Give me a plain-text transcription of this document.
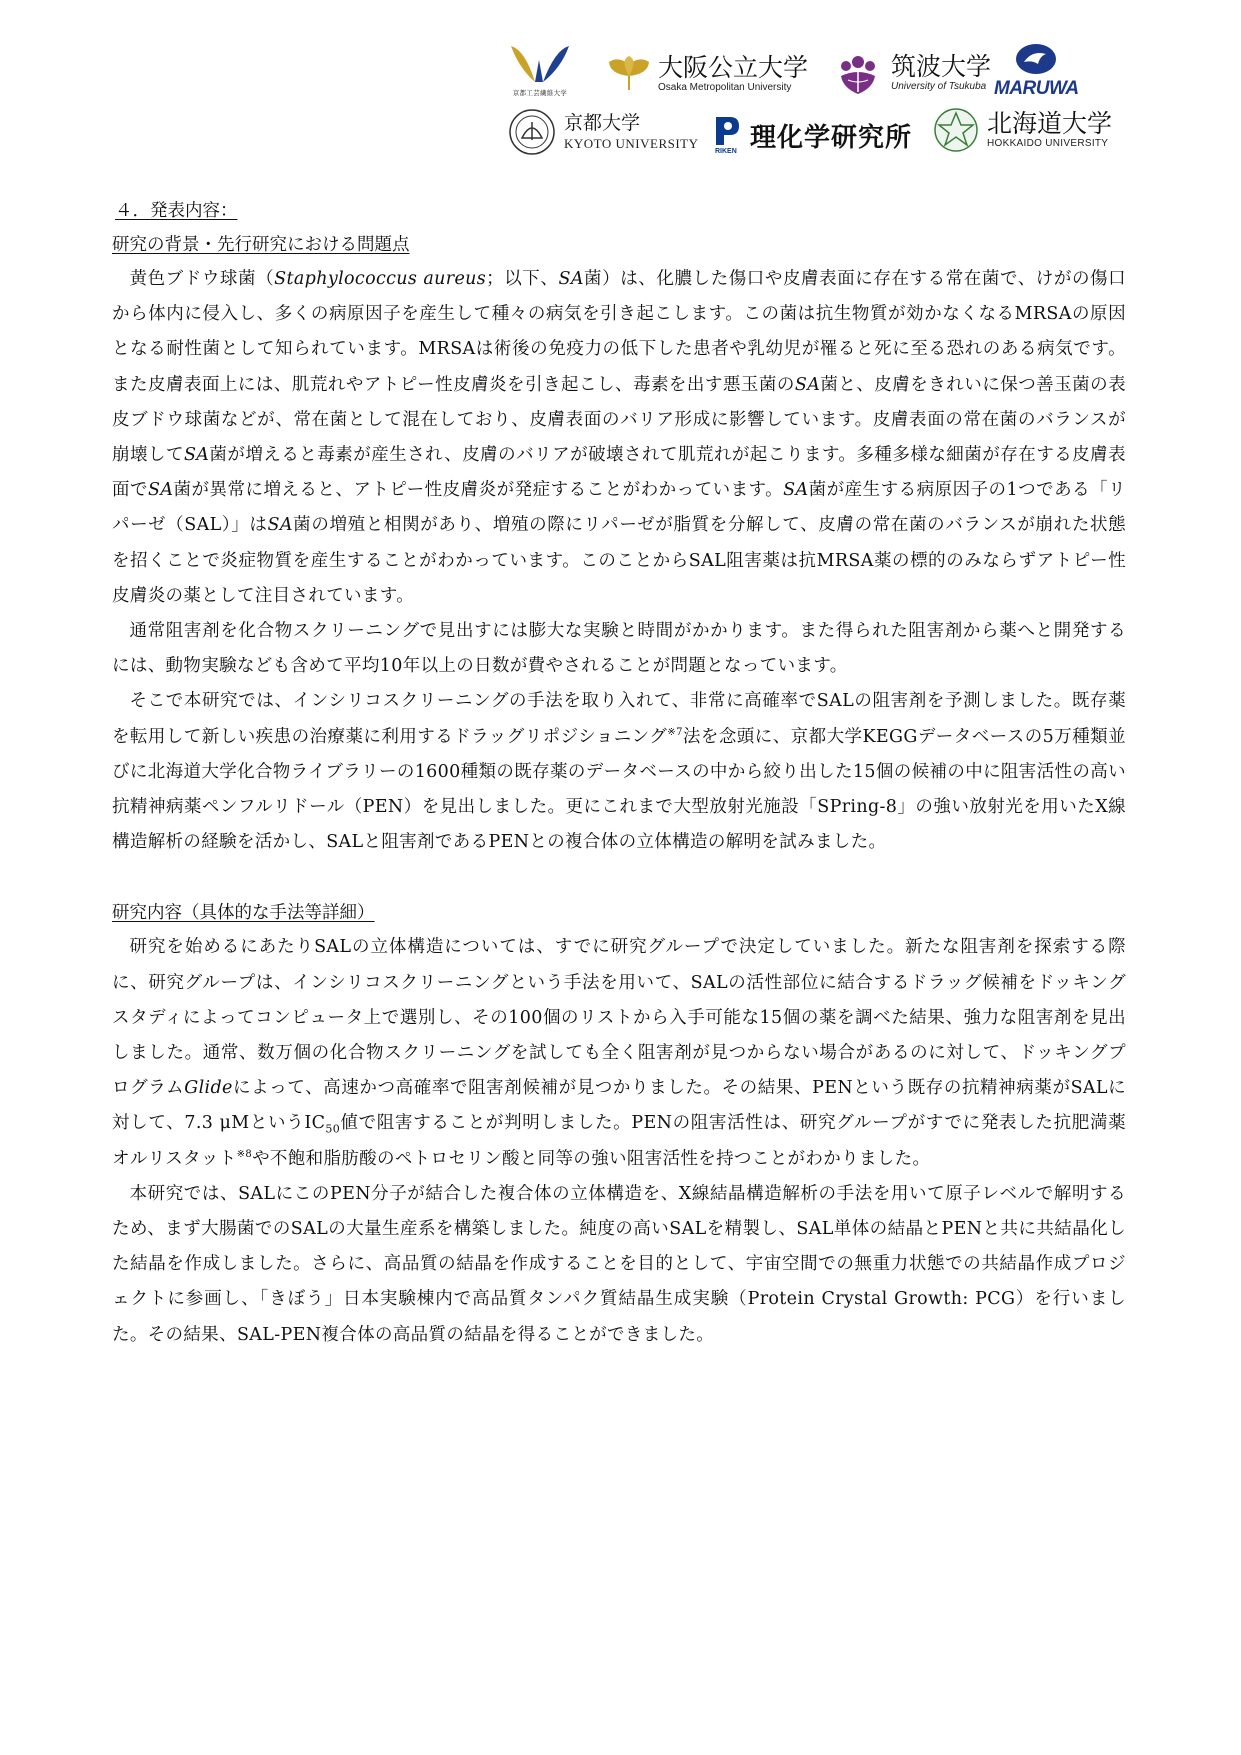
京都工芸繊維大学
大阪公立大学
Osaka Metropolitan University
筑波大学
University of Tsukuba MARUWA
京都大学
KYOTO UNIVERSITY
RIKEN 理化学研究所	北海道大学
HOKKAIDO UNIVERSITY
４．発表内容：
研究の背景・先行研究における問題点

黄色ブドウ球菌（Staphylococcus aureus；以下、SA菌）は、化膿した傷口や皮膚表面に存在する常在菌で、けがの傷口から体内に侵入し、多くの病原因子を産生して種々の病気を引き起こします。この菌は抗生物質が効かなくなるMRSAの原因となる耐性菌として知られています。MRSAは術後の免疫力の低下した患者や乳幼児が罹ると死に至る恐れのある病気です。また皮膚表面上には、肌荒れやアトピー性皮膚炎を引き起こし、毒素を出す悪玉菌のSA菌と、皮膚をきれいに保つ善玉菌の表皮ブドウ球菌などが、常在菌として混在しており、皮膚表面のバリア形成に影響しています。皮膚表面の常在菌のバランスが崩壊してSA菌が増えると毒素が産生され、皮膚のバリアが破壊されて肌荒れが起こります。多種多様な細菌が存在する皮膚表面でSA菌が異常に増えると、アトピー性皮膚炎が発症することがわかっています。SA菌が産生する病原因子の1つである「リパーゼ（SAL）」はSA菌の増殖と相関があり、増殖の際にリパーゼが脂質を分解して、皮膚の常在菌のバランスが崩れた状態を招くことで炎症物質を産生することがわかっています。このことからSAL阻害薬は抗MRSA薬の標的のみならずアトピー性皮膚炎の薬として注目されています。

通常阻害剤を化合物スクリーニングで見出すには膨大な実験と時間がかかります。また得られた阻害剤から薬へと開発するには、動物実験なども含めて平均10年以上の日数が費やされることが問題となっています。

そこで本研究では、インシリコスクリーニングの手法を取り入れて、非常に高確率でSALの阻害剤を予測しました。既存薬を転用して新しい疾患の治療薬に利用するドラッグリポジショニング$^{※7}$法を念頭に、京都大学KEGGデータベースの5万種類並びに北海道大学化合物ライブラリーの1600種類の既存薬のデータベースの中から絞り出した15個の候補の中に阻害活性の高い抗精神病薬ペンフルリドール（PEN）を見出しました。更にこれまで大型放射光施設「SPring-8」の強い放射光を用いたX線構造解析の経験を活かし、SALと阻害剤であるPENとの複合体の立体構造の解明を試みました。

研究内容（具体的な手法等詳細）

研究を始めるにあたりSALの立体構造については、すでに研究グループで決定していました。新たな阻害剤を探索する際に、研究グループは、インシリコスクリーニングという手法を用いて、SALの活性部位に結合するドラッグ候補をドッキングスタディによってコンピュータ上で選別し、その100個のリストから入手可能な15個の薬を調べた結果、強力な阻害剤を見出しました。通常、数万個の化合物スクリーニングを試しても全く阻害剤が見つからない場合があるのに対して、ドッキングプログラムGlideによって、高速かつ高確率で阻害剤候補が見つかりました。その結果、PENという既存の抗精神病薬がSALに対して、7.3 μMという$IC_{50}$値で阻害することが判明しました。PENの阻害活性は、研究グループがすでに発表した抗肥満薬オルリスタット$^{※8}$や不飽和脂肪酸のペトロセリン酸と同等の強い阻害活性を持つことがわかりました。

本研究では、SALにこのPEN分子が結合した複合体の立体構造を、X線結晶構造解析の手法を用いて原子レベルで解明するため、まず大腸菌でのSALの大量生産系を構築しました。純度の高いSALを精製し、SAL単体の結晶とPENと共に共結晶化した結晶を作成しました。さらに、高品質の結晶を作成することを目的として、宇宙空間での無重力状態での共結晶作成プロジェクトに参画し、「きぼう」日本実験棟内で高品質タンパク質結晶生成実験（Protein Crystal Growth: PCG）を行いました。その結果、SAL-PEN複合体の高品質の結晶を得ることができました。
